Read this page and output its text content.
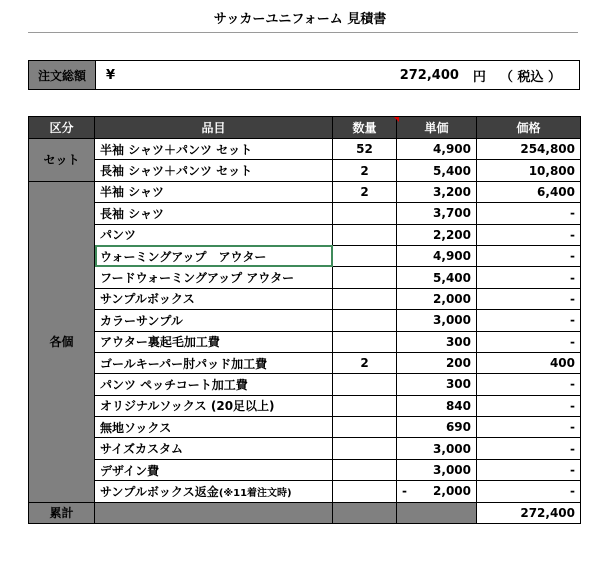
サッカーユニフォーム 見積書
注文総額	¥	272,400 円 （ 税込 ）
区分	品目	数量	単価	価格
セット	半袖 シャツ＋パンツ セット	52	4,900	254,800
	長袖 シャツ＋パンツ セット	2	5,400	10,800
各個	半袖 シャツ	2	3,200	6,400
	長袖 シャツ		3,700	-
	パンツ		2,200	-
	ウォーミングアップ　アウター		4,900	-
	フードウォーミングアップ アウター		5,400	-
	サンプルボックス		2,000	-
	カラーサンプル		3,000	-
	アウター裏起毛加工費		300	-
	ゴールキーパー肘パッド加工費	2	200	400
	パンツ ペッチコート加工費		300	-
	オリジナルソックス (20足以上)		840	-
	無地ソックス		690	-
	サイズカスタム		3,000	-
	デザイン費		3,000	-
	サンプルボックス返金(※11着注文時)		- 2,000	-
累計				272,400
